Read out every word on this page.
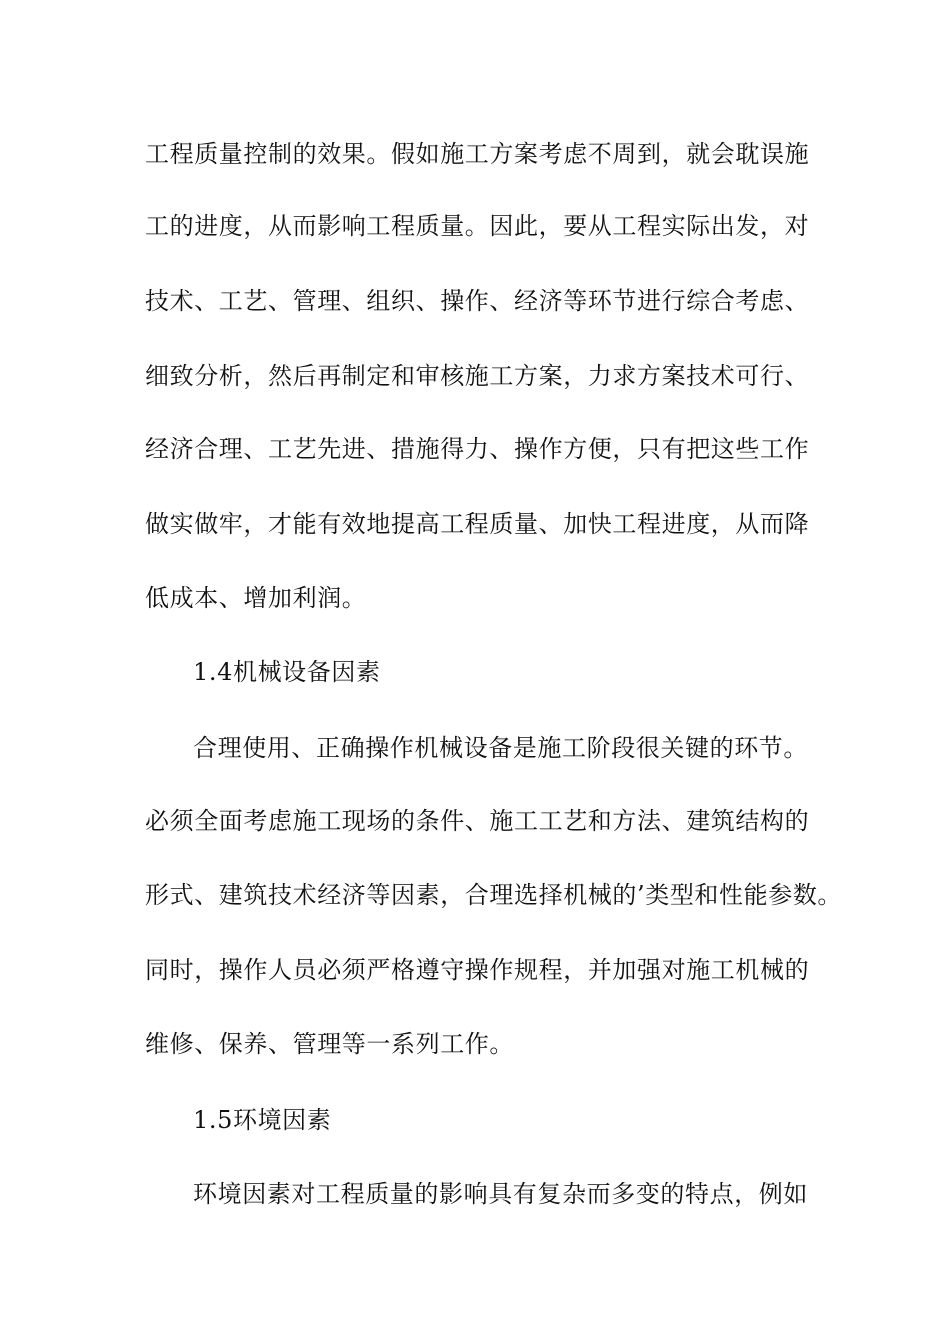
工程质量控制的效果。假如施工方案考虑不周到，就会耽误施
工的进度，从而影响工程质量。因此，要从工程实际出发，对
技术、工艺、管理、组织、操作、经济等环节进行综合考虑、
细致分析，然后再制定和审核施工方案，力求方案技术可行、
经济合理、工艺先进、措施得力、操作方便，只有把这些工作
做实做牢，才能有效地提高工程质量、加快工程进度，从而降
低成本、增加利润。
1.4机械设备因素
合理使用、正确操作机械设备是施工阶段很关键的环节。
必须全面考虑施工现场的条件、施工工艺和方法、建筑结构的
形式、建筑技术经济等因素，合理选择机械的’类型和性能参数。
同时，操作人员必须严格遵守操作规程，并加强对施工机械的
维修、保养、管理等一系列工作。
1.5环境因素
环境因素对工程质量的影响具有复杂而多变的特点，例如
